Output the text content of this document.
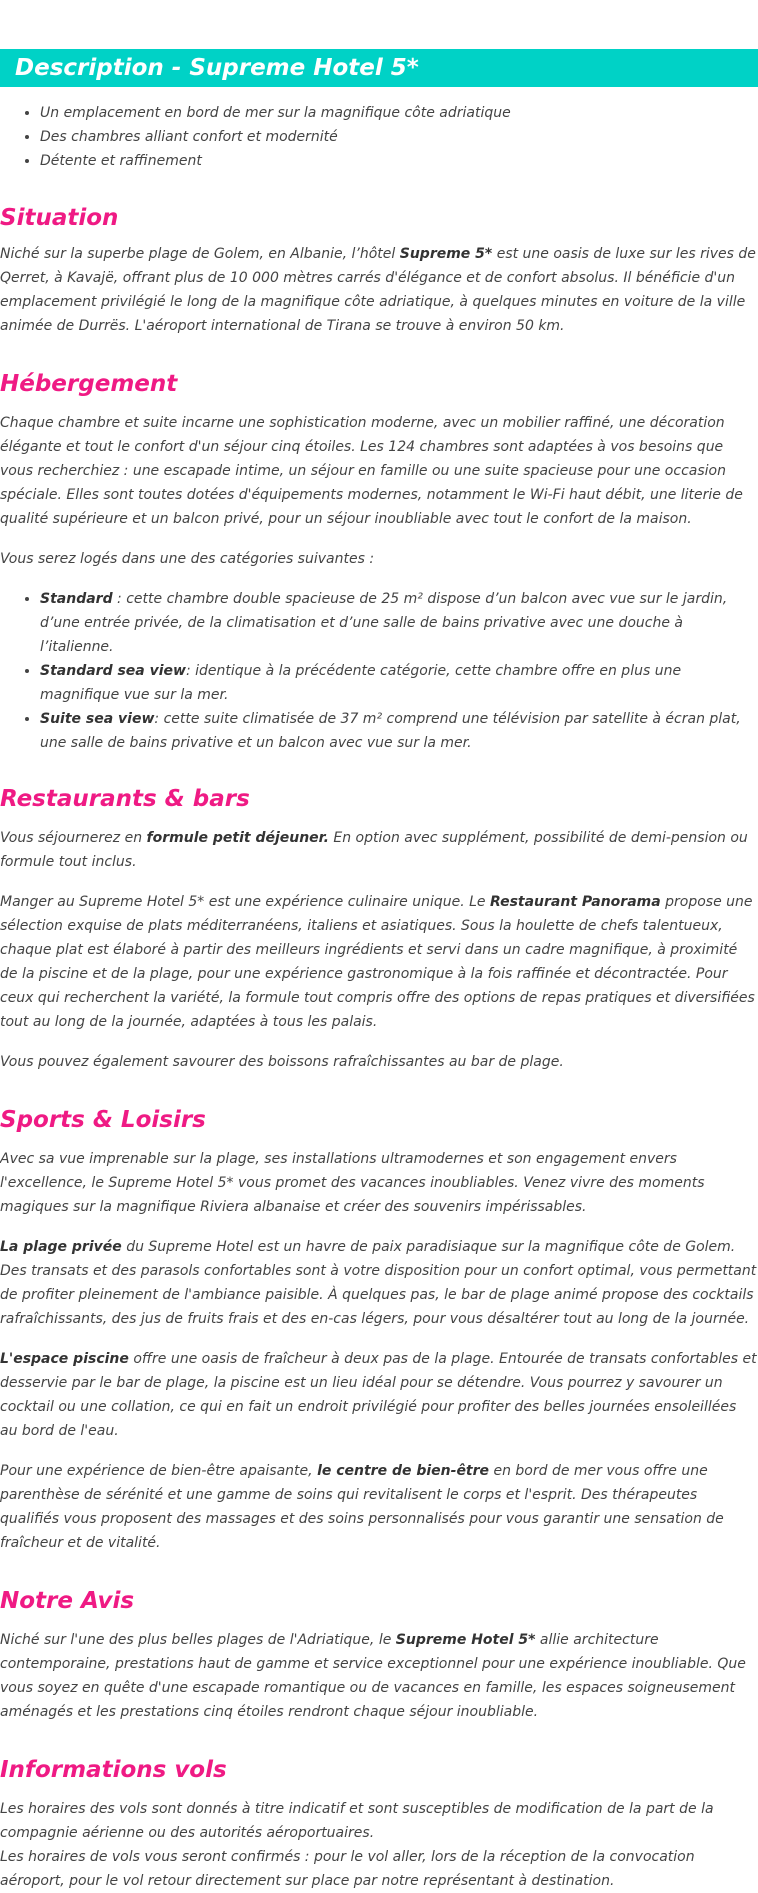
Description - Supreme Hotel 5*
• Un emplacement en bord de mer sur la magnifique côte adriatique
• Des chambres alliant confort et modernité
• Détente et raffinement
Situation

Niché sur la superbe plage de Golem, en Albanie, l’hôtel Supreme 5* est une oasis de luxe sur les rives de Qerret, à Kavajë, offrant plus de 10 000 mètres carrés d'élégance et de confort absolus. Il bénéficie d'un emplacement privilégié le long de la magnifique côte adriatique, à quelques minutes en voiture de la ville animée de Durrës. L'aéroport international de Tirana se trouve à environ 50 km.

Hébergement

Chaque chambre et suite incarne une sophistication moderne, avec un mobilier raffiné, une décoration élégante et tout le confort d'un séjour cinq étoiles. Les 124 chambres sont adaptées à vos besoins que vous recherchiez : une escapade intime, un séjour en famille ou une suite spacieuse pour une occasion spéciale. Elles sont toutes dotées d'équipements modernes, notamment le Wi-Fi haut débit, une literie de qualité supérieure et un balcon privé, pour un séjour inoubliable avec tout le confort de la maison.

Vous serez logés dans une des catégories suivantes :

• Standard : cette chambre double spacieuse de 25 m² dispose d’un balcon avec vue sur le jardin, d’une entrée privée, de la climatisation et d’une salle de bains privative avec une douche à l’italienne.
• Standard sea view: identique à la précédente catégorie, cette chambre offre en plus une magnifique vue sur la mer.
• Suite sea view: cette suite climatisée de 37 m² comprend une télévision par satellite à écran plat, une salle de bains privative et un balcon avec vue sur la mer.
Restaurants & bars

Vous séjournerez en formule petit déjeuner. En option avec supplément, possibilité de demi-pension ou formule tout inclus.

Manger au Supreme Hotel 5* est une expérience culinaire unique. Le Restaurant Panorama propose une sélection exquise de plats méditerranéens, italiens et asiatiques. Sous la houlette de chefs talentueux, chaque plat est élaboré à partir des meilleurs ingrédients et servi dans un cadre magnifique, à proximité de la piscine et de la plage, pour une expérience gastronomique à la fois raffinée et décontractée. Pour ceux qui recherchent la variété, la formule tout compris offre des options de repas pratiques et diversifiées tout au long de la journée, adaptées à tous les palais.

Vous pouvez également savourer des boissons rafraîchissantes au bar de plage.

Sports & Loisirs

Avec sa vue imprenable sur la plage, ses installations ultramodernes et son engagement envers l'excellence, le Supreme Hotel 5* vous promet des vacances inoubliables. Venez vivre des moments magiques sur la magnifique Riviera albanaise et créer des souvenirs impérissables.

La plage privée du Supreme Hotel est un havre de paix paradisiaque sur la magnifique côte de Golem. Des transats et des parasols confortables sont à votre disposition pour un confort optimal, vous permettant de profiter pleinement de l'ambiance paisible. À quelques pas, le bar de plage animé propose des cocktails rafraîchissants, des jus de fruits frais et des en-cas légers, pour vous désaltérer tout au long de la journée.

L'espace piscine offre une oasis de fraîcheur à deux pas de la plage. Entourée de transats confortables et desservie par le bar de plage, la piscine est un lieu idéal pour se détendre. Vous pourrez y savourer un cocktail ou une collation, ce qui en fait un endroit privilégié pour profiter des belles journées ensoleillées au bord de l'eau.

Pour une expérience de bien-être apaisante, le centre de bien-être en bord de mer vous offre une parenthèse de sérénité et une gamme de soins qui revitalisent le corps et l'esprit. Des thérapeutes qualifiés vous proposent des massages et des soins personnalisés pour vous garantir une sensation de fraîcheur et de vitalité.

Notre Avis

Niché sur l'une des plus belles plages de l'Adriatique, le Supreme Hotel 5* allie architecture contemporaine, prestations haut de gamme et service exceptionnel pour une expérience inoubliable. Que vous soyez en quête d'une escapade romantique ou de vacances en famille, les espaces soigneusement aménagés et les prestations cinq étoiles rendront chaque séjour inoubliable.

Informations vols

Les horaires des vols sont donnés à titre indicatif et sont susceptibles de modification de la part de la compagnie aérienne ou des autorités aéroportuaires.

Les horaires de vols vous seront confirmés : pour le vol aller, lors de la réception de la convocation aéroport, pour le vol retour directement sur place par notre représentant à destination.
